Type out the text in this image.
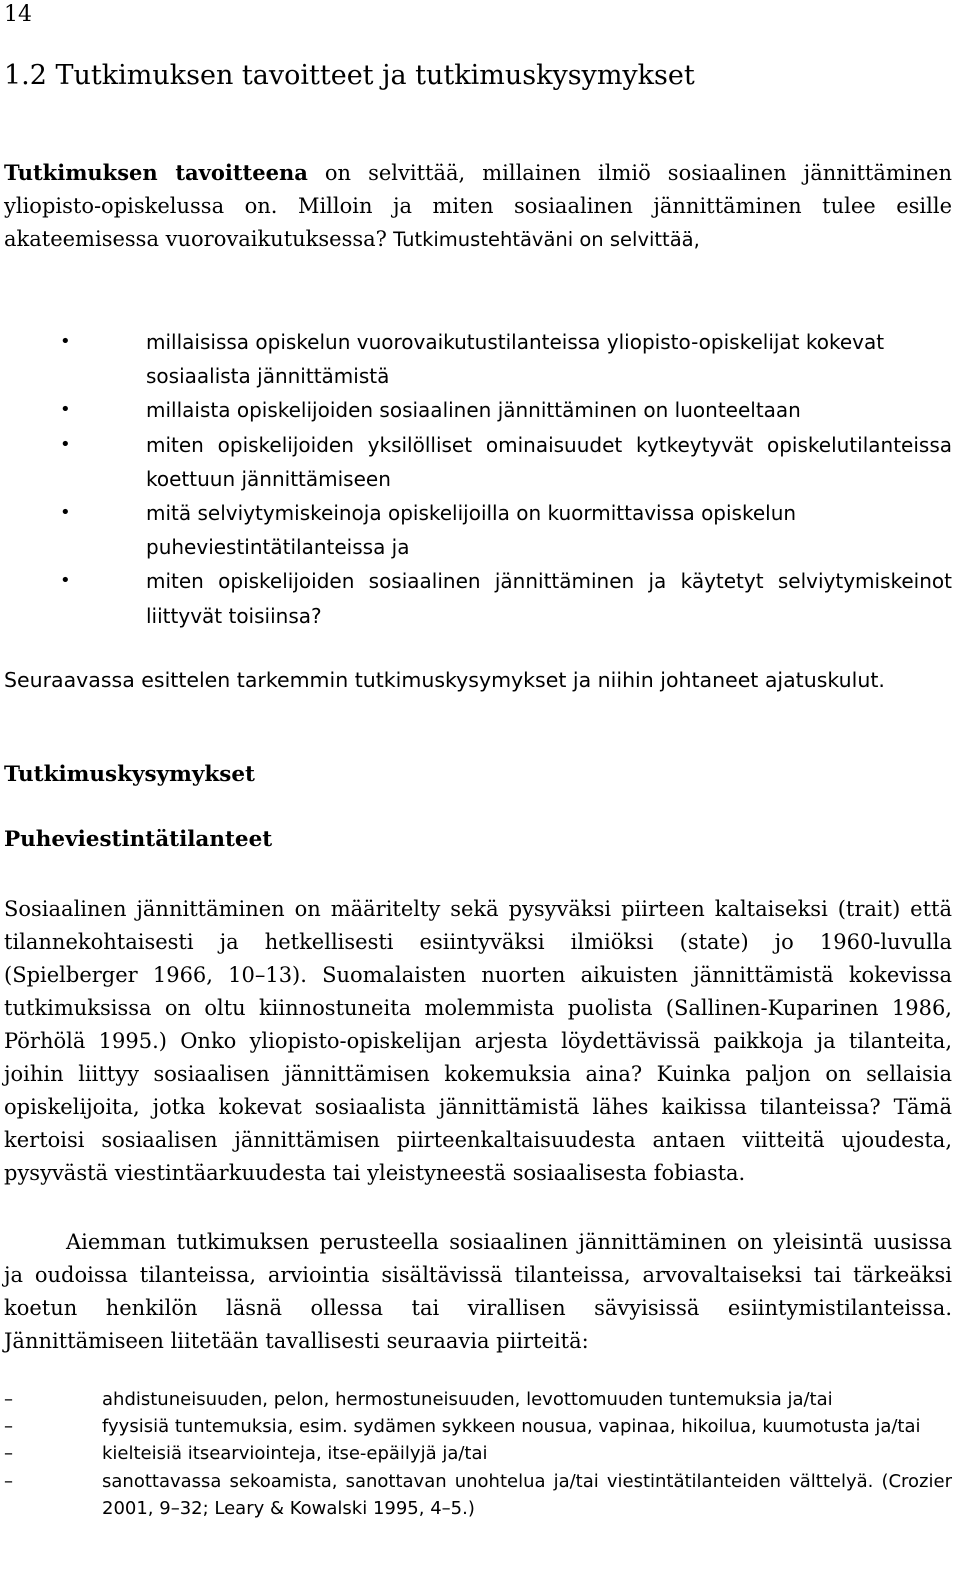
14
1.2 Tutkimuksen tavoitteet ja tutkimuskysymykset

Tutkimuksen tavoitteena on selvittää, millainen ilmiö sosiaalinen jännittäminen yliopisto-opiskelussa on. Milloin ja miten sosiaalinen jännittäminen tulee esille akateemisessa vuorovaikutuksessa? Tutkimustehtäväni on selvittää,

•	millaisissa opiskelun vuorovaikutustilanteissa yliopisto-opiskelijat kokevat sosiaalista jännittämistä
•	millaista opiskelijoiden sosiaalinen jännittäminen on luonteeltaan
•	miten opiskelijoiden yksilölliset ominaisuudet kytkeytyvät opiskelutilanteissa koettuun jännittämiseen
•	mitä selviytymiskeinoja opiskelijoilla on kuormittavissa opiskelun puheviestintätilanteissa ja
•	miten opiskelijoiden sosiaalinen jännittäminen ja käytetyt selviytymiskeinot liittyvät toisiinsa?

Seuraavassa esittelen tarkemmin tutkimuskysymykset ja niihin johtaneet ajatuskulut.

Tutkimuskysymykset
Puheviestintätilanteet

Sosiaalinen jännittäminen on määritelty sekä pysyväksi piirteen kaltaiseksi (trait) että tilannekohtaisesti ja hetkellisesti esiintyväksi ilmiöksi (state) jo 1960-luvulla (Spielberger 1966, 10–13). Suomalaisten nuorten aikuisten jännittämistä kokevissa tutkimuksissa on oltu kiinnostuneita molemmista puolista (Sallinen-Kuparinen 1986, Pörhölä 1995.) Onko yliopisto-opiskelijan arjesta löydettävissä paikkoja ja tilanteita, joihin liittyy sosiaalisen jännittämisen kokemuksia aina? Kuinka paljon on sellaisia opiskelijoita, jotka kokevat sosiaalista jännittämistä lähes kaikissa tilanteissa? Tämä kertoisi sosiaalisen jännittämisen piirteenkaltaisuudesta antaen viitteitä ujoudesta, pysyvästä viestintäarkuudesta tai yleistyneestä sosiaalisesta fobiasta.

Aiemman tutkimuksen perusteella sosiaalinen jännittäminen on yleisintä uusissa ja oudoissa tilanteissa, arviointia sisältävissä tilanteissa, arvovaltaiseksi tai tärkeäksi koetun henkilön läsnä ollessa tai virallisen sävyisissä esiintymistilanteissa. Jännittämiseen liitetään tavallisesti seuraavia piirteitä:

–	ahdistuneisuuden, pelon, hermostuneisuuden, levottomuuden tuntemuksia ja/tai
–	fyysisiä tuntemuksia, esim. sydämen sykkeen nousua, vapinaa, hikoilua, kuumotusta ja/tai
–	kielteisiä itsearviointeja, itse-epäilyjä ja/tai
–	sanottavassa sekoamista, sanottavan unohtelua ja/tai viestintätilanteiden välttelyä. (Crozier 2001, 9–32; Leary & Kowalski 1995, 4–5.)
